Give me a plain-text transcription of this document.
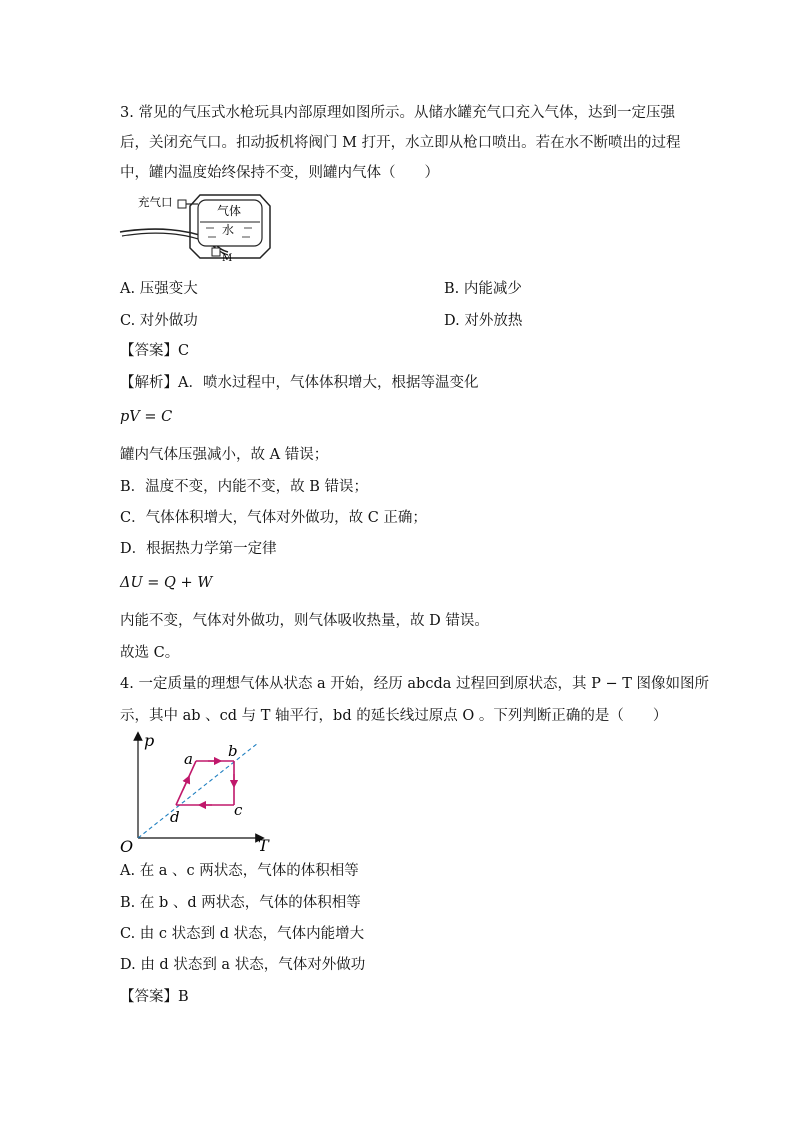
3. 常见的气压式水枪玩具内部原理如图所示。从储水罐充气口充入气体，达到一定压强
后，关闭充气口。扣动扳机将阀门 M 打开，水立即从枪口喷出。若在水不断喷出的过程
中，罐内温度始终保持不变，则罐内气体（　　）
充气口
气体
水
M
A. 压强变大	B. 内能减少
C. 对外做功	D. 对外放热
【答案】C
【解析】A．喷水过程中，气体体积增大，根据等温变化
pV = C
罐内气体压强减小，故 A 错误；
B．温度不变，内能不变，故 B 错误；
C．气体体积增大，气体对外做功，故 C 正确；
D．根据热力学第一定律
ΔU = Q + W
内能不变，气体对外做功，则气体吸收热量，故 D 错误。
故选 C。
4. 一定质量的理想气体从状态 a 开始，经历 abcda 过程回到原状态，其 P − T 图像如图所
示，其中 ab 、cd 与 T 轴平行，bd 的延长线过原点 O 。下列判断正确的是（　　）
p
T
O
a b
c
d
A. 在 a 、c 两状态，气体的体积相等
B. 在 b 、d 两状态，气体的体积相等
C. 由 c 状态到 d 状态，气体内能增大
D. 由 d 状态到 a 状态，气体对外做功
【答案】B
